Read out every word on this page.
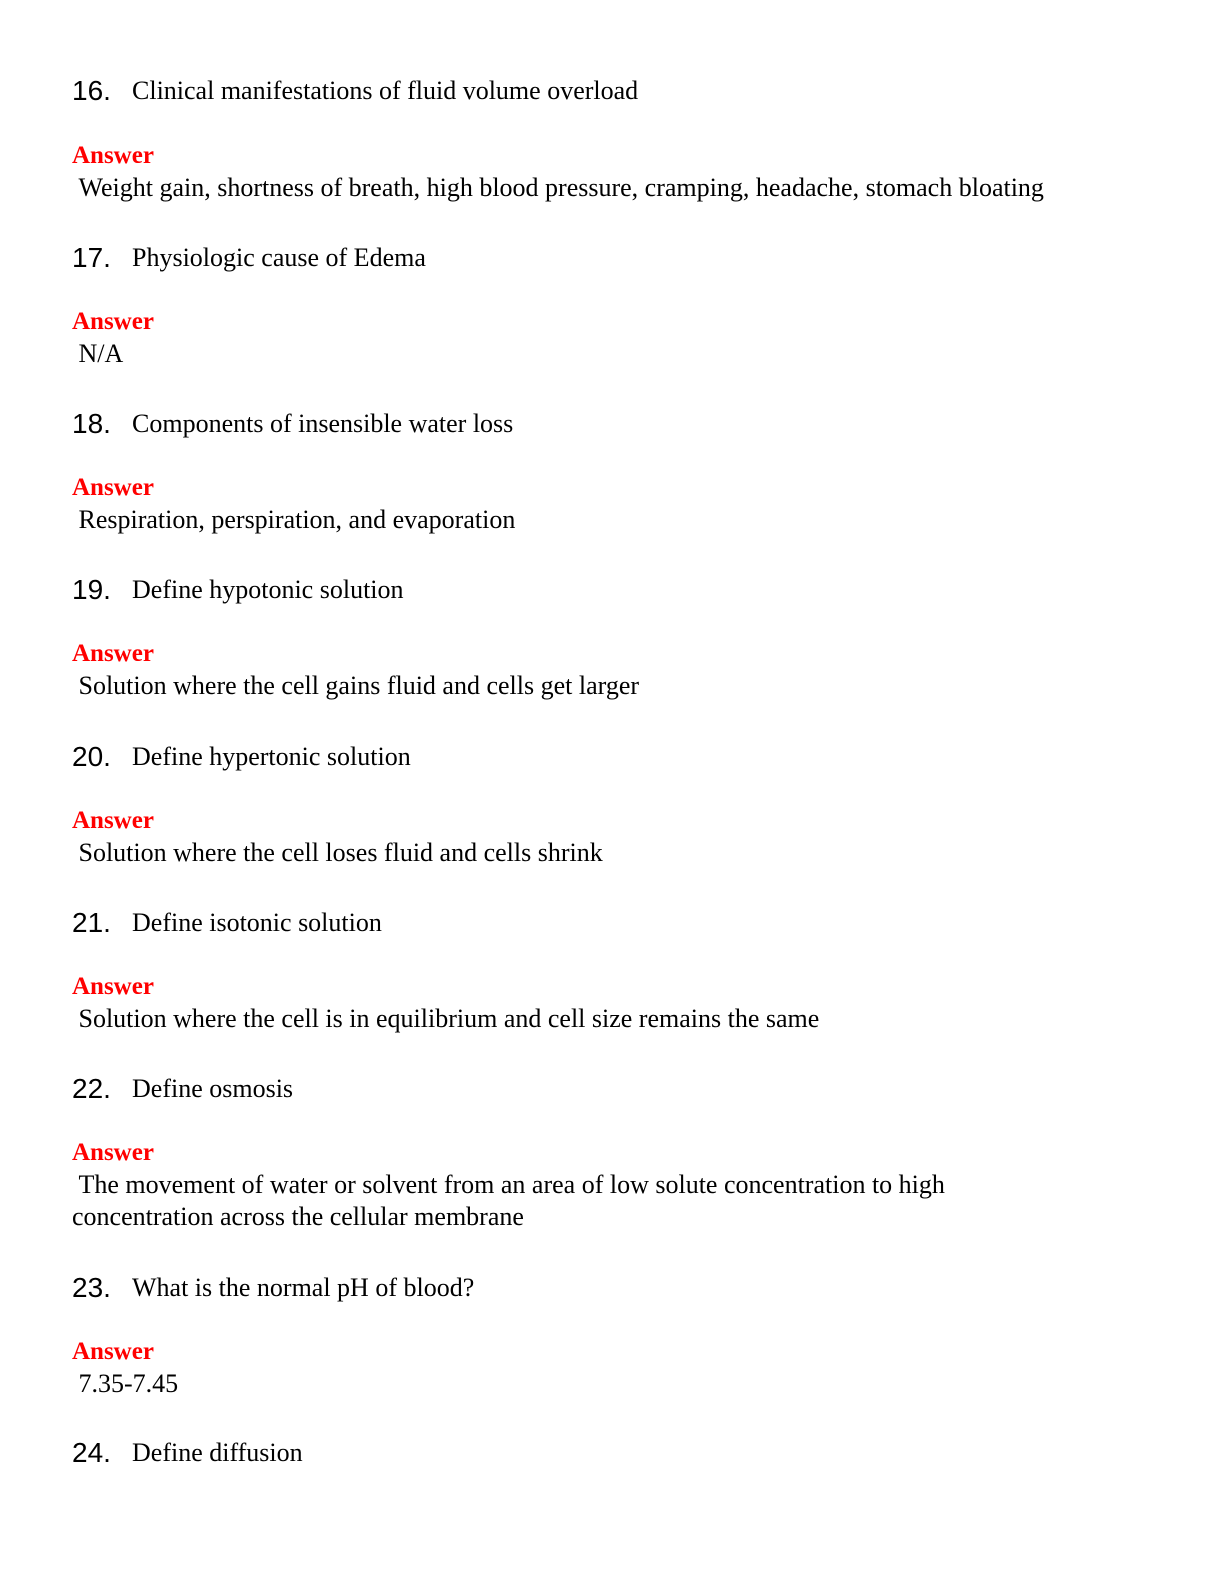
16. Clinical manifestations of fluid volume overload
Answer
Weight gain, shortness of breath, high blood pressure, cramping, headache, stomach bloating
17. Physiologic cause of Edema
Answer
N/A
18. Components of insensible water loss
Answer
Respiration, perspiration, and evaporation
19. Define hypotonic solution
Answer
Solution where the cell gains fluid and cells get larger
20. Define hypertonic solution
Answer
Solution where the cell loses fluid and cells shrink
21. Define isotonic solution
Answer
Solution where the cell is in equilibrium and cell size remains the same
22. Define osmosis
Answer
The movement of water or solvent from an area of low solute concentration to high
concentration across the cellular membrane
23. What is the normal pH of blood?
Answer
7.35-7.45
24. Define diffusion
